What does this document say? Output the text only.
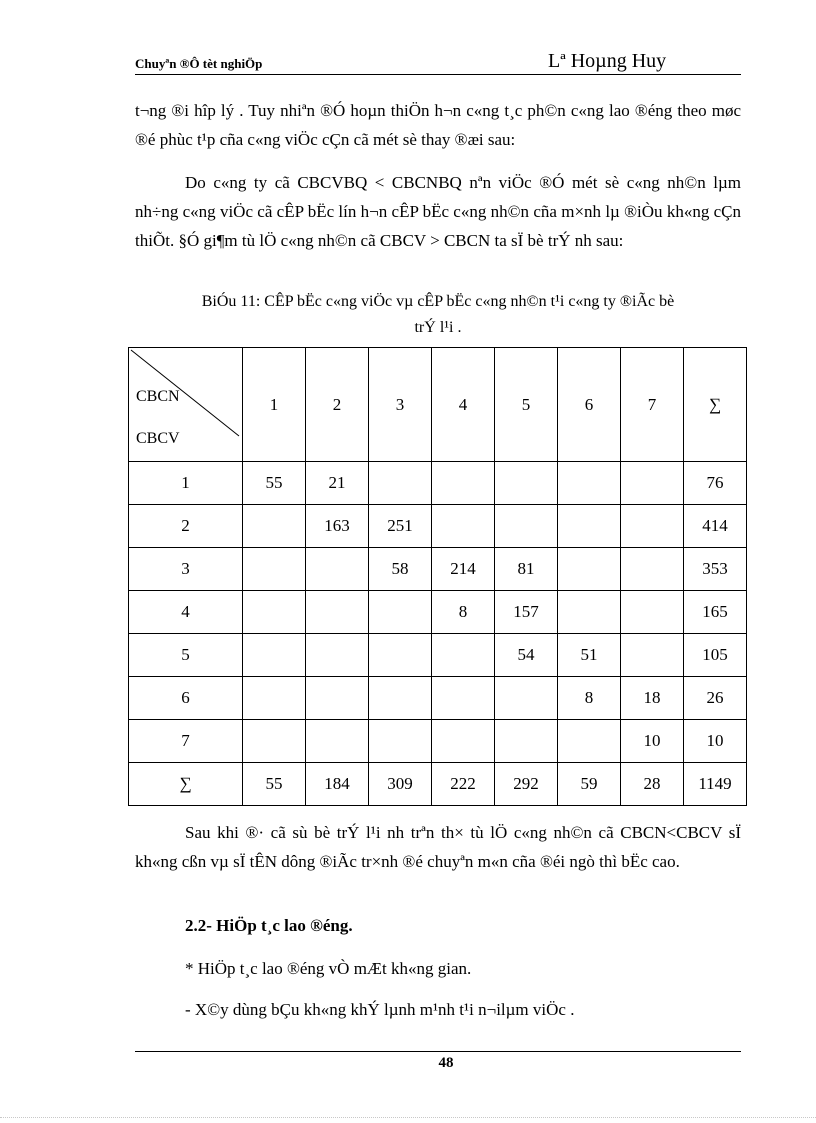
Chuyªn ®Ô tèt nghiÖp	Lª Hoµng Huy

t¬ng ®i hîp lý . Tuy nhiªn ®Ó hoµn thiÖn h¬n c«ng t¸c ph©n c«ng lao ®éng theo møc ®é phùc t¹p cña c«ng viÖc cÇn cã mét sè thay ®æi sau:

Do c«ng ty cã CBCVBQ < CBCNBQ nªn viÖc ®Ó mét sè c«ng nh©n lµm nh÷ng c«ng viÖc cã cÊP bËc lín h¬n cÊP bËc c«ng nh©n cña m×nh lµ ®iÒu kh«ng cÇn thiÕt. §Ó gi¶m tù lÖ c«ng nh©n cã CBCV > CBCN ta sÏ bè trÝ nh sau:

BiÓu 11: CÊP bËc c«ng viÖc vµ cÊP bËc c«ng nh©n t¹i c«ng ty ®iÃc bè
trÝ l¹i .
CBCN
CBCV	1	2	3	4	5	6	7	∑
1	55	21						76
2		163	251					414
3			58	214	81			353
4				8	157			165
5					54	51		105
6						8	18	26
7							10	10
∑	55	184	309	222	292	59	28	1149

Sau khi ®· cã sù bè trÝ l¹i nh trªn th× tù lÖ c«ng nh©n cã CBCN<CBCV sÏ kh«ng cßn vµ sÏ tÊN dông ®iÃc tr×nh ®é chuyªn m«n cña ®éi ngò thì bËc cao.

2.2- HiÖp t¸c lao ®éng.

* HiÖp t¸c lao ®éng vÒ mÆt kh«ng gian.

- X©y dùng bÇu kh«ng khÝ lµnh m¹nh t¹i n¬ilµm viÖc .

48
